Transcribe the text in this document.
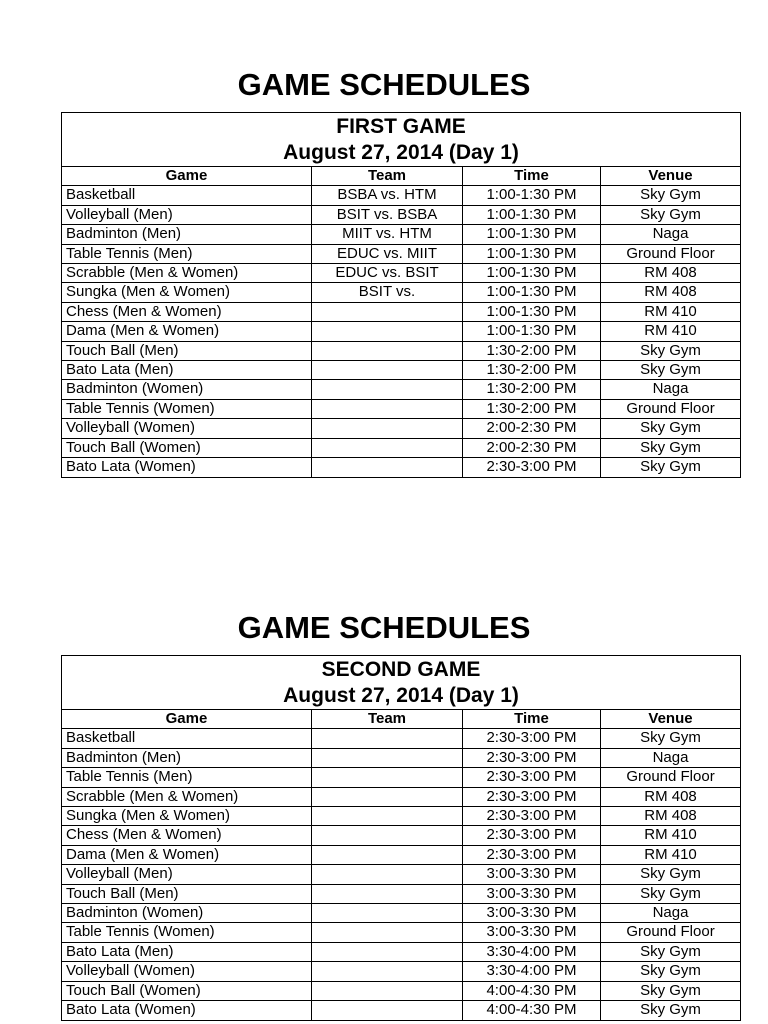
GAME SCHEDULES
FIRST GAME
August 27, 2014 (Day 1)			

Game	Team	Time	Venue
Basketball	BSBA vs. HTM	1:00-1:30 PM	Sky Gym
Volleyball (Men)	BSIT vs. BSBA	1:00-1:30 PM	Sky Gym
Badminton (Men)	MIIT vs. HTM	1:00-1:30 PM	Naga
Table Tennis (Men)	EDUC vs. MIIT	1:00-1:30 PM	Ground Floor
Scrabble (Men & Women)	EDUC vs. BSIT	1:00-1:30 PM	RM 408
Sungka (Men & Women)	BSIT vs.	1:00-1:30 PM	RM 408
Chess (Men & Women)		1:00-1:30 PM	RM 410
Dama (Men & Women)		1:00-1:30 PM	RM 410
Touch Ball (Men)		1:30-2:00 PM	Sky Gym
Bato Lata (Men)		1:30-2:00 PM	Sky Gym
Badminton (Women)		1:30-2:00 PM	Naga
Table Tennis (Women)		1:30-2:00 PM	Ground Floor
Volleyball (Women)		2:00-2:30 PM	Sky Gym
Touch Ball (Women)		2:00-2:30 PM	Sky Gym
Bato Lata (Women)		2:30-3:00 PM	Sky Gym
GAME SCHEDULES
SECOND GAME
August 27, 2014 (Day 1)			

Game	Team	Time	Venue
Basketball		2:30-3:00 PM	Sky Gym
Badminton (Men)		2:30-3:00 PM	Naga
Table Tennis (Men)		2:30-3:00 PM	Ground Floor
Scrabble (Men & Women)		2:30-3:00 PM	RM 408
Sungka (Men & Women)		2:30-3:00 PM	RM 408
Chess (Men & Women)		2:30-3:00 PM	RM 410
Dama (Men & Women)		2:30-3:00 PM	RM 410
Volleyball (Men)		3:00-3:30 PM	Sky Gym
Touch Ball (Men)		3:00-3:30 PM	Sky Gym
Badminton (Women)		3:00-3:30 PM	Naga
Table Tennis (Women)		3:00-3:30 PM	Ground Floor
Bato Lata (Men)		3:30-4:00 PM	Sky Gym
Volleyball (Women)		3:30-4:00 PM	Sky Gym
Touch Ball (Women)		4:00-4:30 PM	Sky Gym
Bato Lata (Women)		4:00-4:30 PM	Sky Gym
